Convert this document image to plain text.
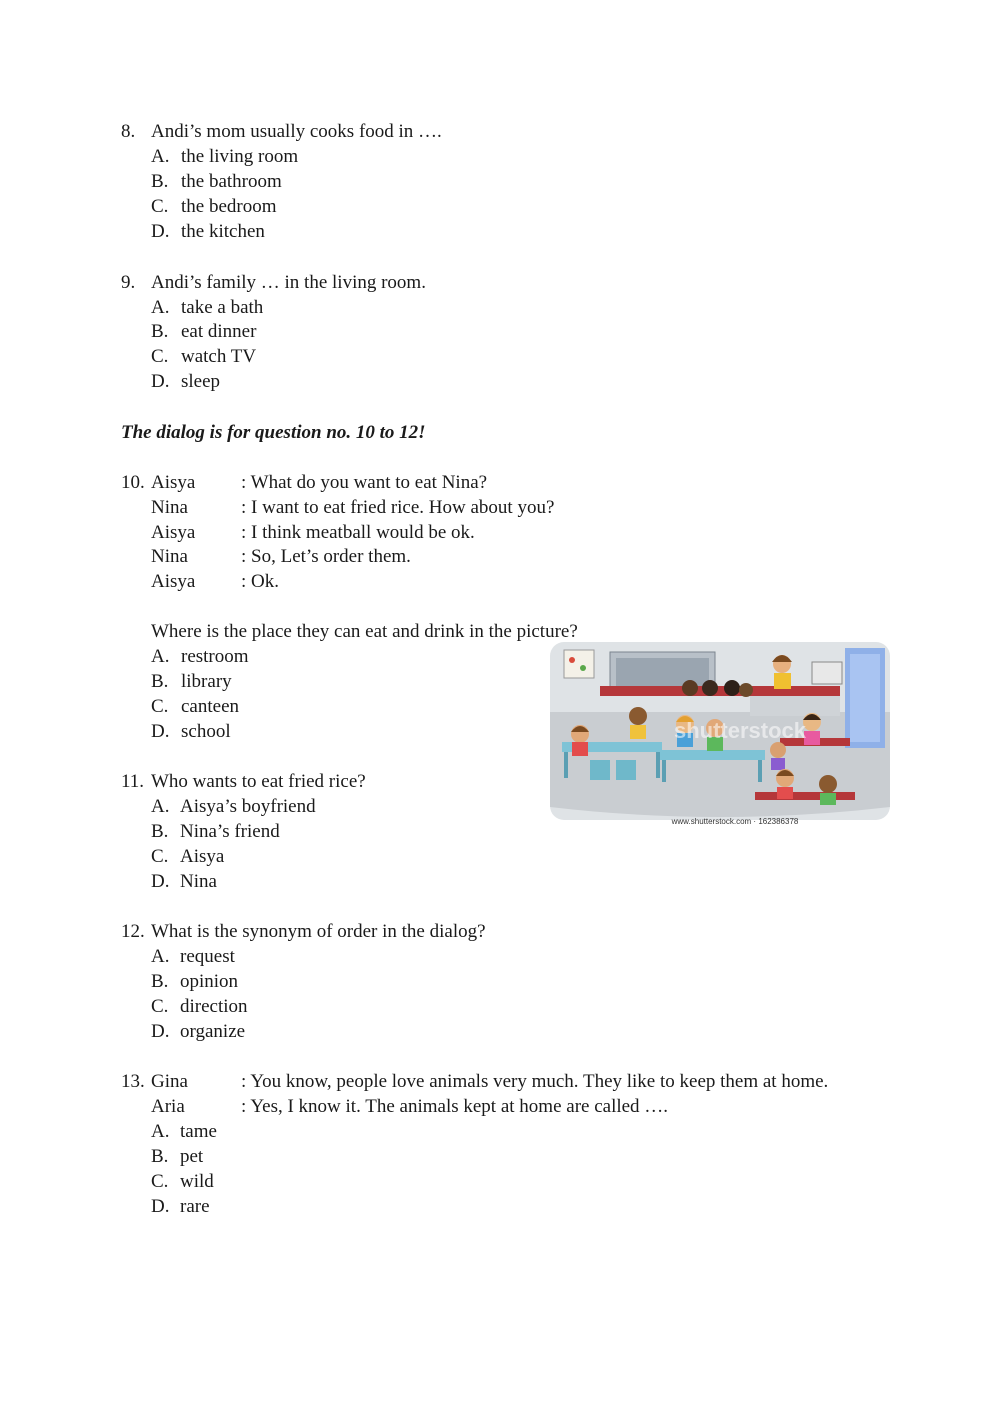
8. Andi’s mom usually cooks food in ….
A. the living room
B. the bathroom
C. the bedroom
D. the kitchen
9. Andi’s family … in the living room.
A. take a bath
B. eat dinner
C. watch TV
D. sleep
The dialog is for question no. 10 to 12!
10. Aisya : What do you want to eat Nina?
Nina	: I want to eat fried rice. How about you?
Aisya : I think meatball would be ok.
Nina	: So, Let’s order them.
Aisya : Ok.
Where is the place they can eat and drink in the picture?
A. restroom
B. library
C. canteen
D. school	shutterstock
www.shutterstock.com · 162386378
11. Who wants to eat fried rice?
A. Aisya’s boyfriend
B. Nina’s friend
C. Aisya
D. Nina
12. What is the synonym of order in the dialog?
A. request
B. opinion
C. direction
D. organize
13. Gina	: You know, people love animals very much. They like to keep them at home.
Aria	: Yes, I know it. The animals kept at home are called ….
A. tame
B. pet
C. wild
D. rare
